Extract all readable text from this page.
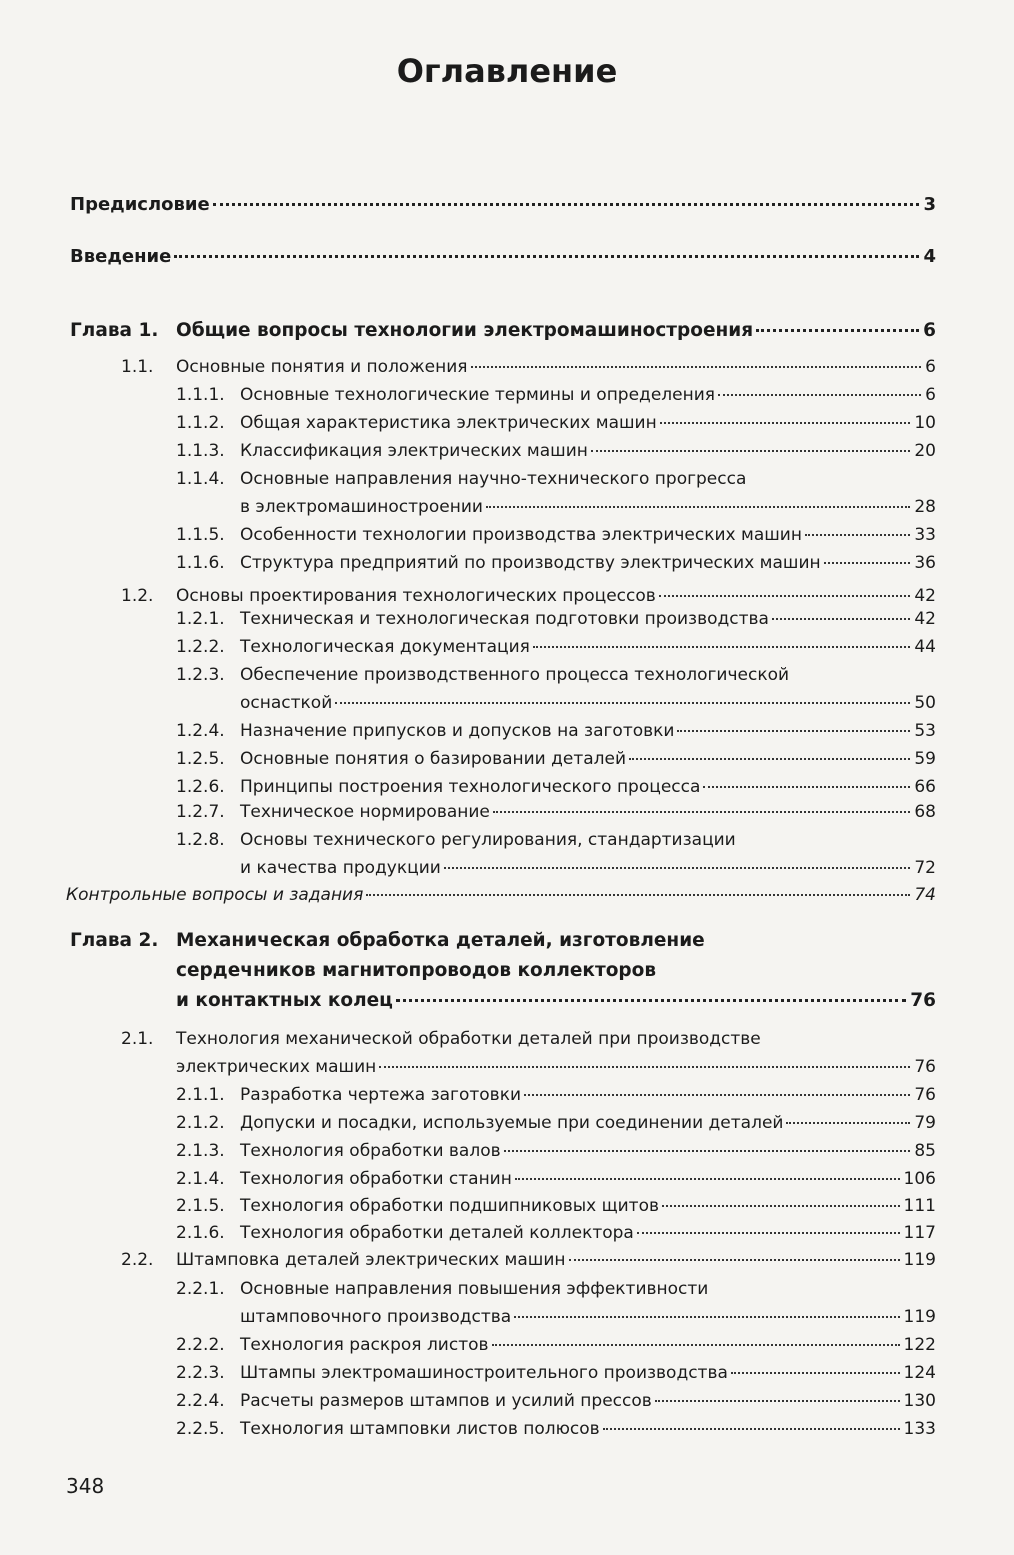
Оглавление
Предисловие	3
Введение	4
Глава 1. Общие вопросы технологии электромашиностроения	6
1.1.	Основные понятия и положения	6
1.1.1. Основные технологические термины и определения	6
1.1.2. Общая характеристика электрических машин	10
1.1.3. Классификация электрических машин	20
1.1.4. Основные направления научно-технического прогресса
в электромашиностроении	28
1.1.5. Особенности технологии производства электрических машин	33
1.1.6. Структура предприятий по производству электрических машин	36
1.2.	Основы проектирования технологических процессов	42
1.2.1. Техническая и технологическая подготовки производства	42
1.2.2. Технологическая документация	44
1.2.3. Обеспечение производственного процесса технологической
оснасткой	50
1.2.4. Назначение припусков и допусков на заготовки	53
1.2.5. Основные понятия о базировании деталей	59
1.2.6. Принципы построения технологического процесса	66
1.2.7. Техническое нормирование	68
1.2.8. Основы технического регулирования, стандартизации
и качества продукции	72
Контрольные вопросы и задания	74
Глава 2. Механическая обработка деталей, изготовление
сердечников магнитопроводов коллекторов
и контактных колец	76
2.1.	Технология механической обработки деталей при производстве
электрических машин	76
2.1.1. Разработка чертежа заготовки	76
2.1.2. Допуски и посадки, используемые при соединении деталей	79
2.1.3. Технология обработки валов	85
2.1.4. Технология обработки станин	106
2.1.5. Технология обработки подшипниковых щитов	111
2.1.6. Технология обработки деталей коллектора	117
2.2.	Штамповка деталей электрических машин	119
2.2.1. Основные направления повышения эффективности
штамповочного производства	119
2.2.2. Технология раскроя листов	122
2.2.3. Штампы электромашиностроительного производства	124
2.2.4. Расчеты размеров штампов и усилий прессов	130
2.2.5. Технология штамповки листов полюсов	133

348
